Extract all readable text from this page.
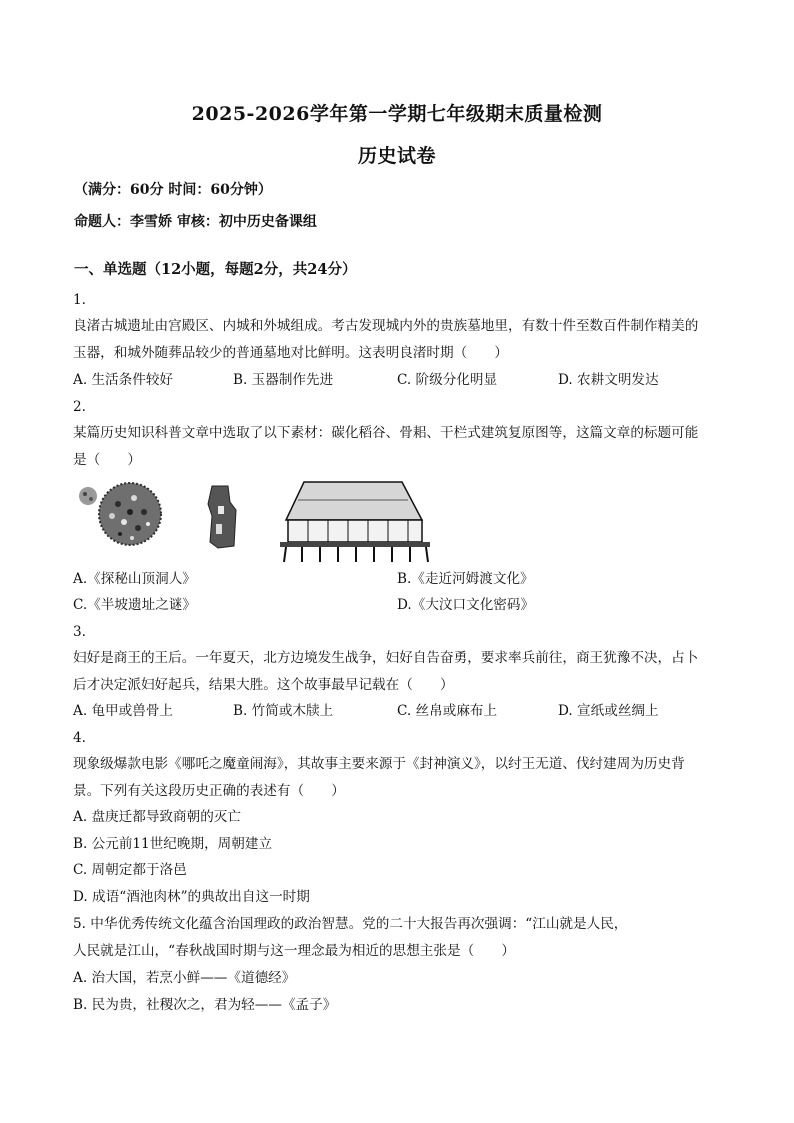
2025-2026学年第一学期七年级期末质量检测
历史试卷
（满分：60分 时间：60分钟）
命题人：李雪娇 审核：初中历史备课组
一、单选题（12小题，每题2分，共24分）
1.
良渚古城遗址由宫殿区、内城和外城组成。考古发现城内外的贵族墓地里，有数十件至数百件制作精美的
玉器，和城外随葬品较少的普通墓地对比鲜明。这表明良渚时期（　　）
A. 生活条件较好	B. 玉器制作先进	C. 阶级分化明显	D. 农耕文明发达
2.
某篇历史知识科普文章中选取了以下素材：碳化稻谷、骨耜、干栏式建筑复原图等，这篇文章的标题可能
是（　　）
A.《探秘山顶洞人》	B.《走近河姆渡文化》
C.《半坡遗址之谜》	D.《大汶口文化密码》
3.
妇好是商王的王后。一年夏天，北方边境发生战争，妇好自告奋勇，要求率兵前往，商王犹豫不决，占卜
后才决定派妇好起兵，结果大胜。这个故事最早记载在（　　）
A. 龟甲或兽骨上	B. 竹简或木牍上	C. 丝帛或麻布上	D. 宣纸或丝绸上
4.
现象级爆款电影《哪吒之魔童闹海》，其故事主要来源于《封神演义》，以纣王无道、伐纣建周为历史背
景。下列有关这段历史正确的表述有（　　）
A. 盘庚迁都导致商朝的灭亡
B. 公元前11世纪晚期，周朝建立
C. 周朝定都于洛邑
D. 成语“酒池肉林”的典故出自这一时期
5. 中华优秀传统文化蕴含治国理政的政治智慧。党的二十大报告再次强调：“江山就是人民，
人民就是江山，“春秋战国时期与这一理念最为相近的思想主张是（　　）
A. 治大国，若烹小鲜——《道德经》
B. 民为贵，社稷次之，君为轻——《孟子》
